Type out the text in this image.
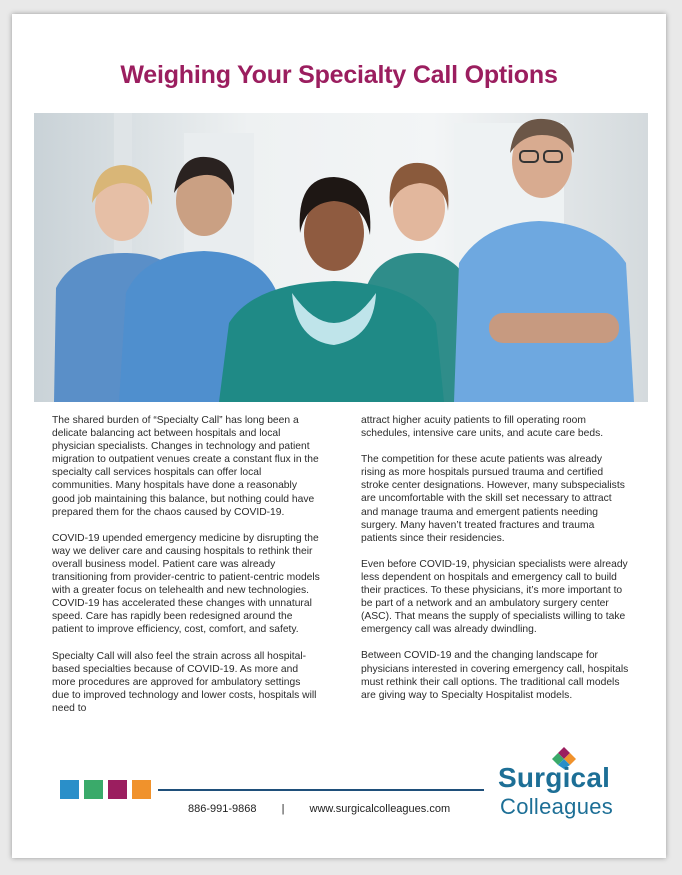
Weighing Your Specialty Call Options

The shared burden of “Specialty Call” has long been a delicate balancing act between hospitals and local physician specialists. Changes in technology and patient migration to outpatient venues create a constant flux in the specialty call services hospitals can offer local communities. Many hospitals have done a reasonably good job maintaining this balance, but nothing could have prepared them for the chaos caused by COVID-19.

COVID-19 upended emergency medicine by disrupting the way we deliver care and causing hospitals to rethink their overall business model. Patient care was already transitioning from provider-centric to patient-centric models with a greater focus on telehealth and new technologies. COVID-19 has accelerated these changes with unnatural speed. Care has rapidly been redesigned around the patient to improve efficiency, cost, comfort, and safety.

Specialty Call will also feel the strain across all hospital-based specialties because of COVID-19. As more and more procedures are approved for ambulatory settings due to improved technology and lower costs, hospitals will need to

attract higher acuity patients to fill operating room schedules, intensive care units, and acute care beds.

The competition for these acute patients was already rising as more hospitals pursued trauma and certified stroke center designations. However, many subspecialists are uncomfortable with the skill set necessary to attract and manage trauma and emergent patients needing surgery. Many haven’t treated fractures and trauma patients since their residencies.

Even before COVID-19, physician specialists were already less dependent on hospitals and emergency call to build their practices. To these physicians, it’s more important to be part of a network and an ambulatory surgery center (ASC). That means the supply of specialists willing to take emergency call was already dwindling.

Between COVID-19 and the changing landscape for physicians interested in covering emergency call, hospitals must rethink their call options. The traditional call models are giving way to Specialty Hospitalist models.

886-991-9868 | www.surgicalcolleagues.com
Surgical
Colleagues
